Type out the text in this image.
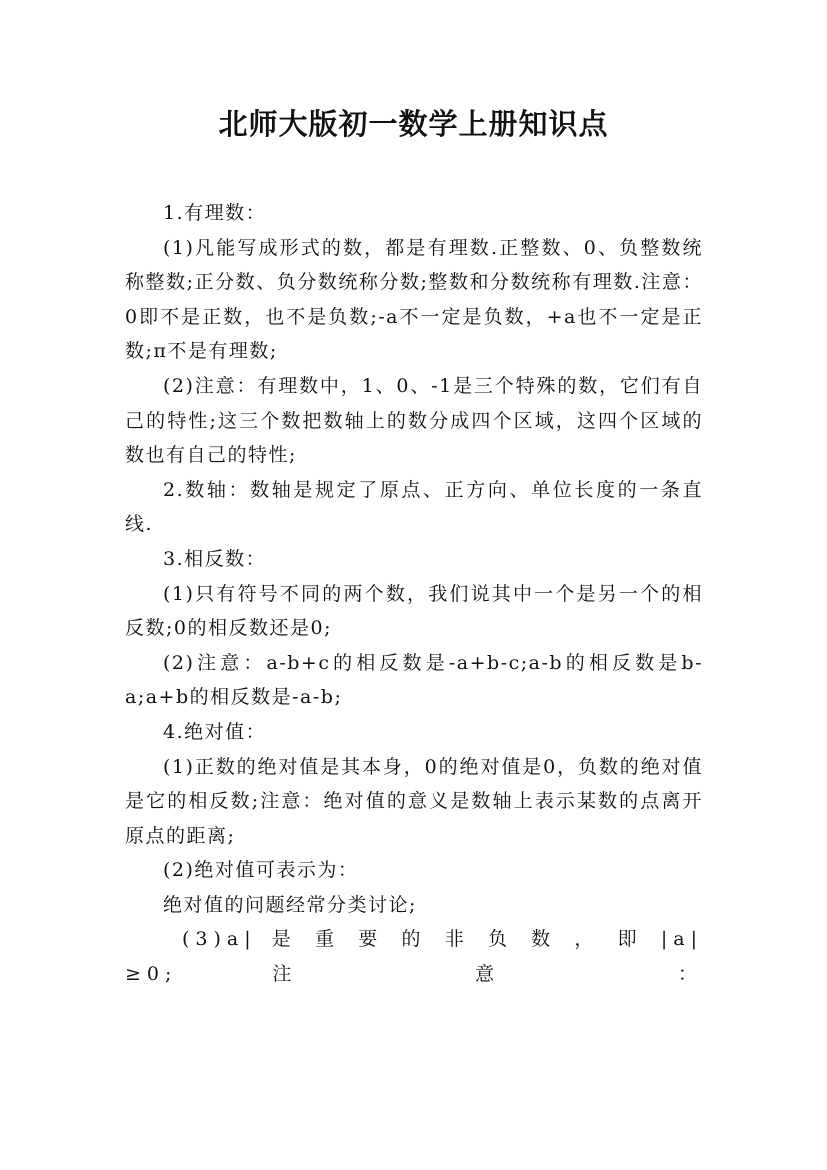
北师大版初一数学上册知识点

1.有理数：

(1)凡能写成形式的数，都是有理数.正整数、0、负整数统称整数;正分数、负分数统称分数;整数和分数统称有理数.注意：0即不是正数，也不是负数;-a不一定是负数，+a也不一定是正数;π不是有理数;

(2)注意：有理数中，1、0、-1是三个特殊的数，它们有自己的特性;这三个数把数轴上的数分成四个区域，这四个区域的数也有自己的特性;

2.数轴：数轴是规定了原点、正方向、单位长度的一条直线.

3.相反数：

(1)只有符号不同的两个数，我们说其中一个是另一个的相反数;0的相反数还是0;

(2)注意：a-b+c的相反数是-a+b-c;a-b的相反数是b-a;a+b的相反数是-a-b;

4.绝对值：

(1)正数的绝对值是其本身，0的绝对值是0，负数的绝对值是它的相反数;注意：绝对值的意义是数轴上表示某数的点离开原点的距离;

(2)绝对值可表示为：

绝对值的问题经常分类讨论;

(3)a| 是 重 要 的 非 负 数 ， 即 |a| ≥0; 注 意 ：
